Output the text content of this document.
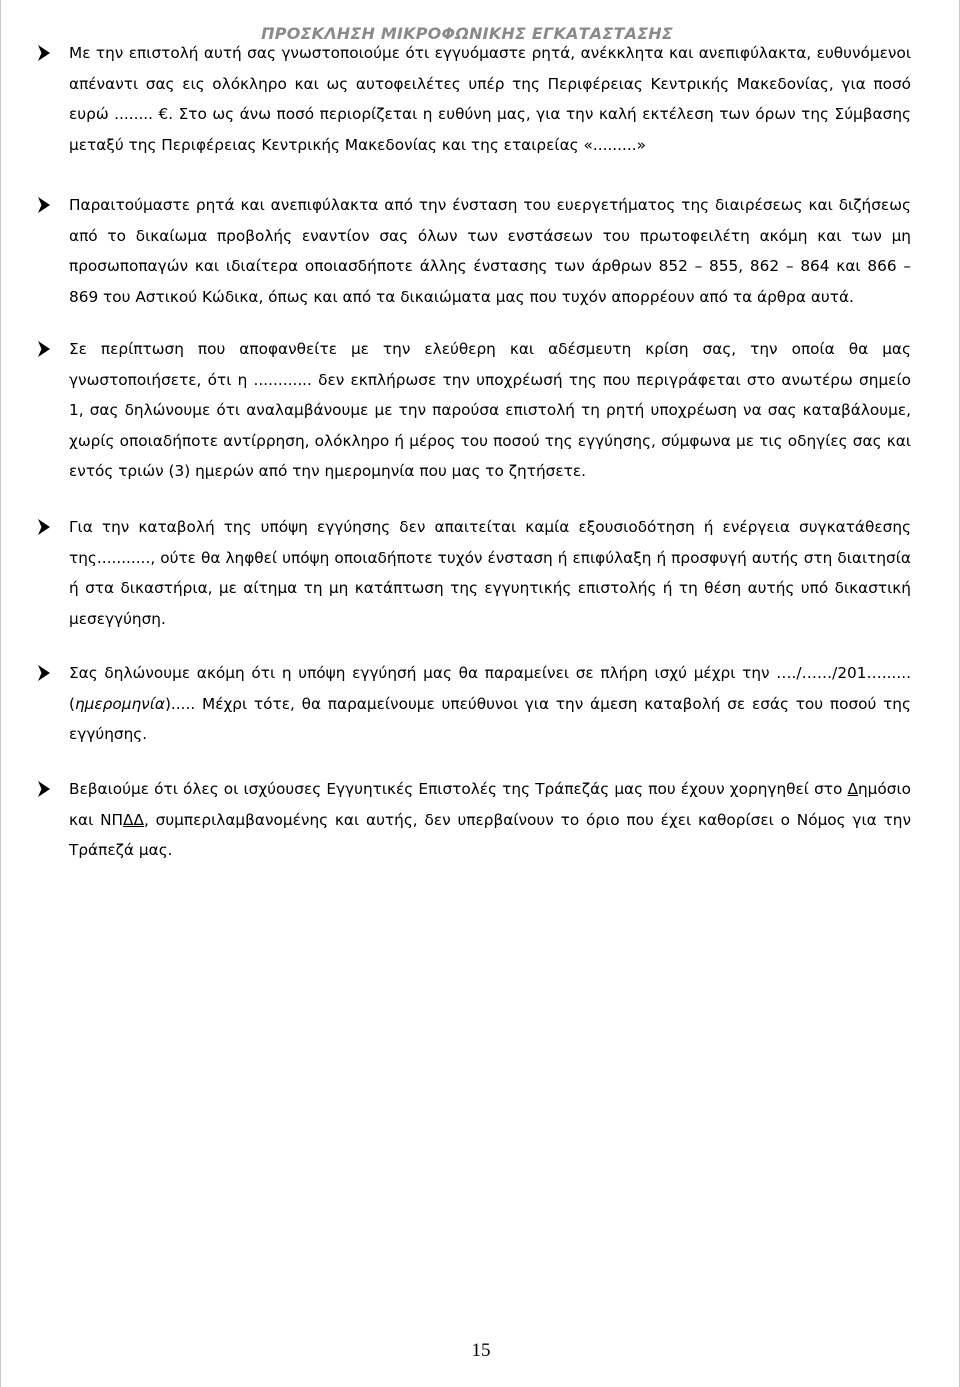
ΠΡΟΣΚΛΗΣΗ ΜΙΚΡΟΦΩΝΙΚΗΣ ΕΓΚΑΤΑΣΤΑΣΗΣ
Με την επιστολή αυτή σας γνωστοποιούμε ότι εγγυόμαστε ρητά, ανέκκλητα και ανεπιφύλακτα, ευθυνόμενοι απέναντι σας εις ολόκληρο και ως αυτοφειλέτες υπέρ της Περιφέρειας Κεντρικής Μακεδονίας, για ποσό ευρώ ........ €. Στο ως άνω ποσό περιορίζεται η ευθύνη μας, για την καλή εκτέλεση των όρων της Σύμβασης μεταξύ της Περιφέρειας Κεντρικής Μακεδονίας και της εταιρείας «.........»
Παραιτούμαστε ρητά και ανεπιφύλακτα από την ένσταση του ευεργετήματος της διαιρέσεως και διζήσεως από το δικαίωμα προβολής εναντίον σας όλων των ενστάσεων του πρωτοφειλέτη ακόμη και των μη προσωποπαγών και ιδιαίτερα οποιασδήποτε άλλης ένστασης των άρθρων 852 – 855, 862 – 864 και 866 – 869 του Αστικού Κώδικα, όπως και από τα δικαιώματα μας που τυχόν απορρέουν από τα άρθρα αυτά.
Σε περίπτωση που αποφανθείτε με την ελεύθερη και αδέσμευτη κρίση σας, την οποία θα μας γνωστοποιήσετε, ότι η ............ δεν εκπλήρωσε την υποχρέωσή της που περιγράφεται στο ανωτέρω σημείο 1, σας δηλώνουμε ότι αναλαμβάνουμε με την παρούσα επιστολή τη ρητή υποχρέωση να σας καταβάλουμε, χωρίς οποιαδήποτε αντίρρηση, ολόκληρο ή μέρος του ποσού της εγγύησης, σύμφωνα με τις οδηγίες σας και εντός τριών (3) ημερών από την ημερομηνία που μας το ζητήσετε.
Για την καταβολή της υπόψη εγγύησης δεν απαιτείται καμία εξουσιοδότηση ή ενέργεια συγκατάθεσης της..........., ούτε θα ληφθεί υπόψη οποιαδήποτε τυχόν ένσταση ή επιφύλαξη ή προσφυγή αυτής στη διαιτησία ή στα δικαστήρια, με αίτημα τη μη κατάπτωση της εγγυητικής επιστολής ή τη θέση αυτής υπό δικαστική μεσεγγύηση.
Σας δηλώνουμε ακόμη ότι η υπόψη εγγύησή μας θα παραμείνει σε πλήρη ισχύ μέχρι την …./……/201…...... (ημερομηνία)..... Μέχρι τότε, θα παραμείνουμε υπεύθυνοι για την άμεση καταβολή σε εσάς του ποσού της εγγύησης.
Βεβαιούμε ότι όλες οι ισχύουσες Εγγυητικές Επιστολές της Τράπεζάς μας που έχουν χορηγηθεί στο Δημόσιο και ΝΠΔΔ, συμπεριλαμβανομένης και αυτής, δεν υπερβαίνουν το όριο που έχει καθορίσει ο Νόμος για την Τράπεζά μας.
15
